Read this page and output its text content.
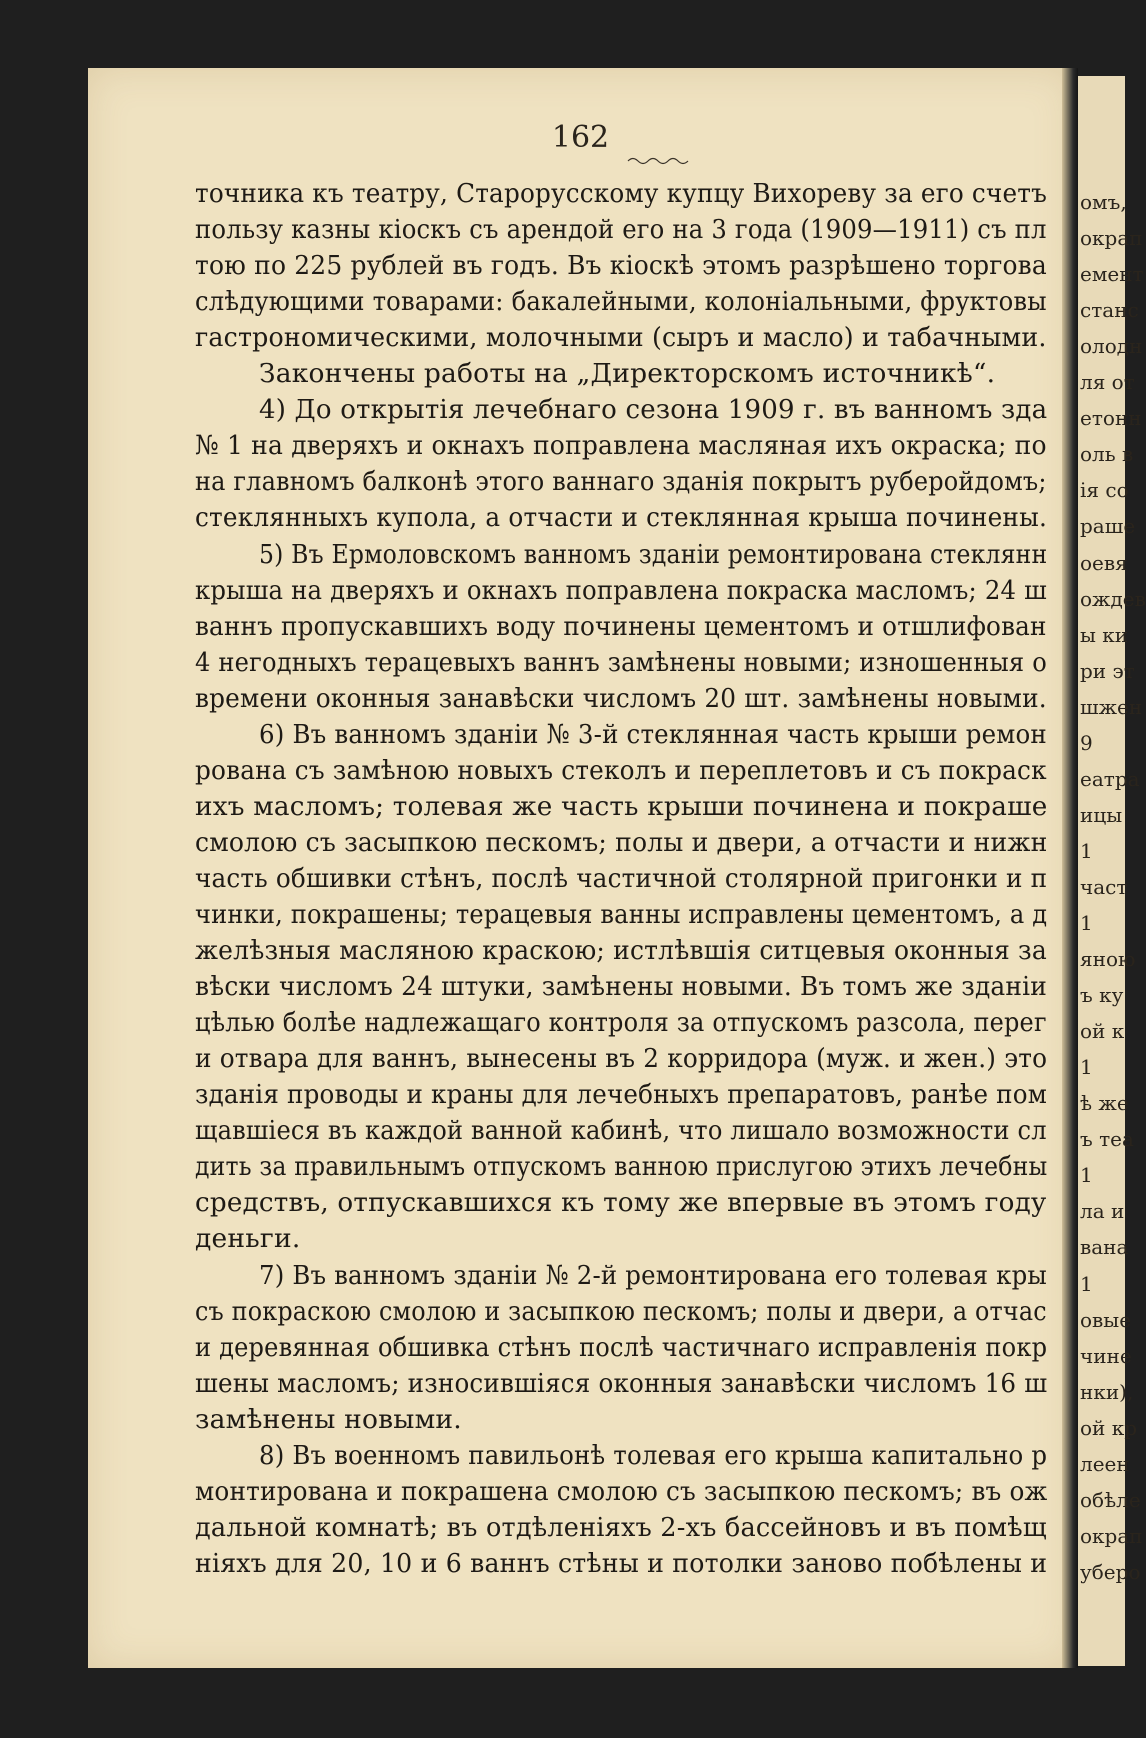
162
точника къ театру, Старорусскому купцу Вихореву за его счетъ
пользу казны кіоскъ съ арендой его на 3 года (1909—1911) съ пл
тою по 225 рублей въ годъ. Въ кіоскѣ этомъ разрѣшено торгова
слѣдующими товарами: бакалейными, колоніальными, фруктовы
гастрономическими, молочными (сыръ и масло) и табачными.
Закончены работы на „Директорскомъ источникѣ“.
4) До открытія лечебнаго сезона 1909 г. въ ванномъ зда
№ 1 на дверяхъ и окнахъ поправлена масляная ихъ окраска; по
на главномъ балконѣ этого ваннаго зданія покрытъ руберойдомъ;
стеклянныхъ купола, а отчасти и стеклянная крыша починены.
5) Въ Ермоловскомъ ванномъ зданіи ремонтирована стеклянн
крыша на дверяхъ и окнахъ поправлена покраска масломъ; 24 ш
ваннъ пропускавшихъ воду починены цементомъ и отшлифован
4 негодныхъ терацевыхъ ваннъ замѣнены новыми; изношенныя о
времени оконныя занавѣски числомъ 20 шт. замѣнены новыми.
6) Въ ванномъ зданіи № 3-й стеклянная часть крыши ремон
рована съ замѣною новыхъ стеколъ и переплетовъ и съ покраск
ихъ масломъ; толевая же часть крыши починена и покраше
смолою съ засыпкою пескомъ; полы и двери, а отчасти и нижн
часть обшивки стѣнъ, послѣ частичной столярной пригонки и п
чинки, покрашены; терацевыя ванны исправлены цементомъ, а д
желѣзныя масляною краскою; истлѣвшія ситцевыя оконныя за
вѣски числомъ 24 штуки, замѣнены новыми. Въ томъ же зданіи
цѣлью болѣе надлежащаго контроля за отпускомъ разсола, перег
и отвара для ваннъ, вынесены въ 2 корридора (муж. и жен.) это
зданія проводы и краны для лечебныхъ препаратовъ, ранѣе пом
щавшіеся въ каждой ванной кабинѣ, что лишало возможности сл
дить за правильнымъ отпускомъ ванною прислугою этихъ лечебны
средствъ, отпускавшихся къ тому же впервые въ этомъ году
деньги.
7) Въ ванномъ зданіи № 2-й ремонтирована его толевая кры
съ покраскою смолою и засыпкою пескомъ; полы и двери, а отчас
и деревянная обшивка стѣнъ послѣ частичнаго исправленія покр
шены масломъ; износившіяся оконныя занавѣски числомъ 16 ш
замѣнены новыми.
8) Въ военномъ павильонѣ толевая его крыша капитально р
монтирована и покрашена смолою съ засыпкою пескомъ; въ ож
дальной комнатѣ; въ отдѣленіяхъ 2-хъ бассейновъ и въ помѣщ
ніяхъ для 20, 10 и 6 ваннъ стѣны и потолки заново побѣлены и
омъ,
окрап
емент
станс
олодн
ля от
етонн
оль в
ія со
раше
оевя
ождев
ы ки
ри эт
шжен
9
еатра
ицы
1
част
1
яною
ъ ку
ой к
1
ѣ же
ъ теа
1
ла и
вана
1
овые
чине
нки),
ой кр
леен
обѣле
окрап
уберо
